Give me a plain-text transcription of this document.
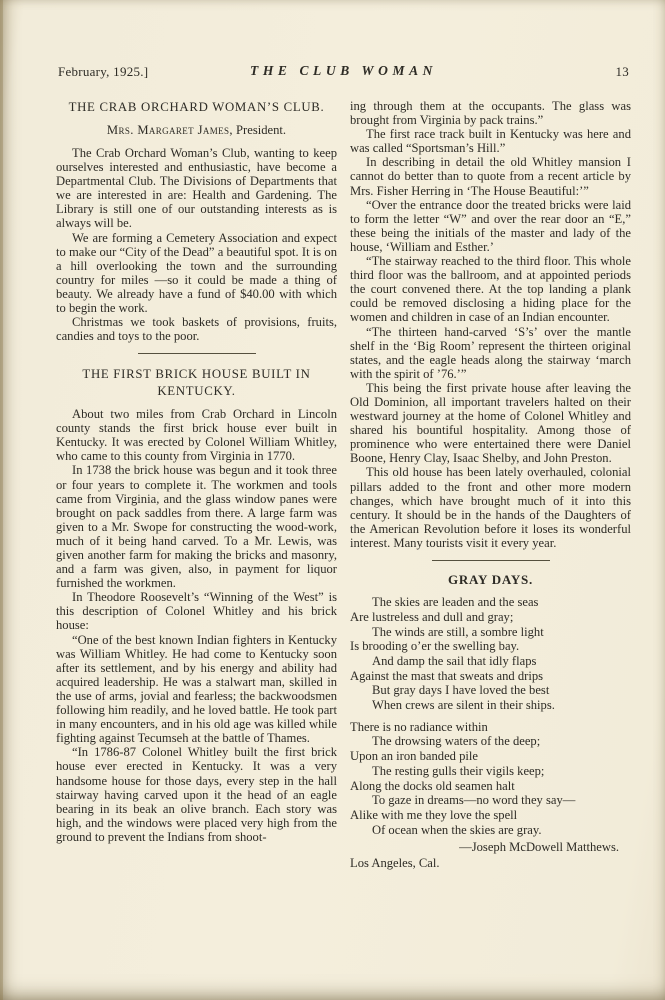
February, 1925.]	THE CLUB WOMAN	13
THE CRAB ORCHARD WOMAN’S CLUB.
Mrs. Margaret James, President.

The Crab Orchard Woman’s Club, wanting to keep ourselves interested and enthusiastic, have become a Departmental Club. The Divisions of Departments that we are interested in are: Health and Gardening. The Library is still one of our outstanding interests as is always will be.

We are forming a Cemetery Association and expect to make our “City of the Dead” a beautiful spot. It is on a hill overlooking the town and the surrounding country for miles —so it could be made a thing of beauty. We already have a fund of $40.00 with which to begin the work.

Christmas we took baskets of provisions, fruits, candies and toys to the poor.

THE FIRST BRICK HOUSE BUILT IN KENTUCKY.

About two miles from Crab Orchard in Lincoln county stands the first brick house ever built in Kentucky. It was erected by Colonel William Whitley, who came to this county from Virginia in 1770.

In 1738 the brick house was begun and it took three or four years to complete it. The workmen and tools came from Virginia, and the glass window panes were brought on pack saddles from there. A large farm was given to a Mr. Swope for constructing the wood-work, much of it being hand carved. To a Mr. Lewis, was given another farm for making the bricks and masonry, and a farm was given, also, in payment for liquor furnished the workmen.

In Theodore Roosevelt’s “Winning of the West” is this description of Colonel Whitley and his brick house:

“One of the best known Indian fighters in Kentucky was William Whitley. He had come to Kentucky soon after its settlement, and by his energy and ability had acquired leadership. He was a stalwart man, skilled in the use of arms, jovial and fearless; the backwoodsmen following him readily, and he loved battle. He took part in many encounters, and in his old age was killed while fighting against Tecumseh at the battle of Thames.

“In 1786-87 Colonel Whitley built the first brick house ever erected in Kentucky. It was a very handsome house for those days, every step in the hall stairway having carved upon it the head of an eagle bearing in its beak an olive branch. Each story was high, and the windows were placed very high from the ground to prevent the Indians from shoot-

ing through them at the occupants. The glass was brought from Virginia by pack trains.”

The first race track built in Kentucky was here and was called “Sportsman’s Hill.”

In describing in detail the old Whitley mansion I cannot do better than to quote from a recent article by Mrs. Fisher Herring in ‘The House Beautiful:’”

“Over the entrance door the treated bricks were laid to form the letter “W” and over the rear door an “E,” these being the initials of the master and lady of the house, ‘William and Esther.’

“The stairway reached to the third floor. This whole third floor was the ballroom, and at appointed periods the court convened there. At the top landing a plank could be removed disclosing a hiding place for the women and children in case of an Indian encounter.

“The thirteen hand-carved ‘S’s’ over the mantle shelf in the ‘Big Room’ represent the thirteen original states, and the eagle heads along the stairway ‘march with the spirit of ’76.’”

This being the first private house after leaving the Old Dominion, all important travelers halted on their westward journey at the home of Colonel Whitley and shared his bountiful hospitality. Among those of prominence who were entertained there were Daniel Boone, Henry Clay, Isaac Shelby, and John Preston.

This old house has been lately overhauled, colonial pillars added to the front and other more modern changes, which have brought much of it into this century. It should be in the hands of the Daughters of the American Revolution before it loses its wonderful interest. Many tourists visit it every year.

GRAY DAYS.
The skies are leaden and the seas
Are lustreless and dull and gray;
The winds are still, a sombre light
Is brooding o’er the swelling bay.
And damp the sail that idly flaps
Against the mast that sweats and drips
But gray days I have loved the best
When crews are silent in their ships.
There is no radiance within
The drowsing waters of the deep;
Upon an iron banded pile
The resting gulls their vigils keep;
Along the docks old seamen halt
To gaze in dreams—no word they say—
Alike with me they love the spell
Of ocean when the skies are gray.
—Joseph McDowell Matthews.
Los Angeles, Cal.
